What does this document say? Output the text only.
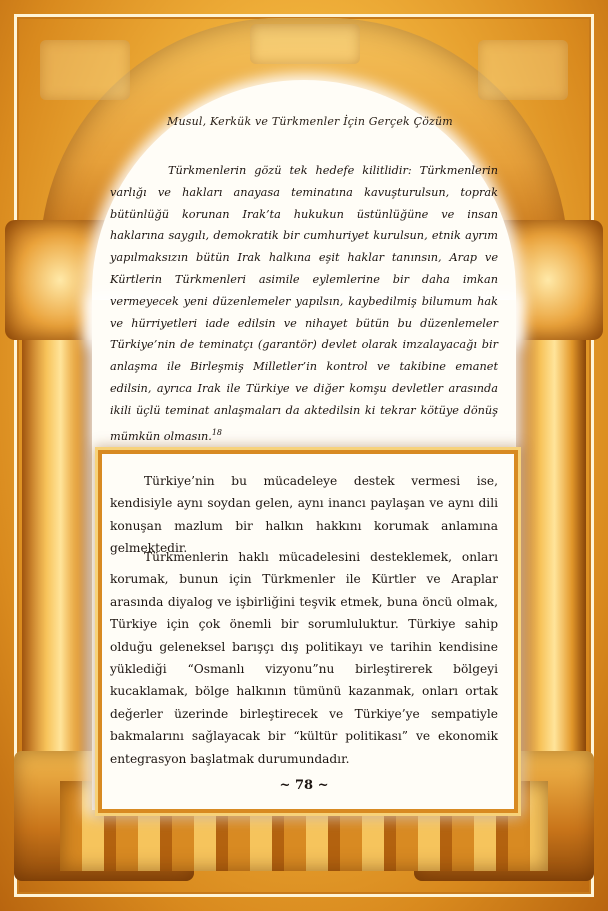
Musul, Kerkük ve Türkmenler İçin Gerçek Çözüm
Türkmenlerin gözü tek hedefe kilitlidir: Türkmenlerin varlığı ve hakları anayasa teminatına kavuşturulsun, toprak bütünlüğü korunan Irak’ta hukukun üstünlüğüne ve insan haklarına saygılı, demokratik bir cumhuriyet kurulsun, etnik ayrım yapılmaksızın bütün Irak halkına eşit haklar tanınsın, Arap ve Kürtlerin Türkmenleri asimile eylemlerine bir daha imkan vermeyecek yeni düzenlemeler yapılsın, kaybedilmiş bilumum hak ve hürriyetleri iade edilsin ve nihayet bütün bu düzenlemeler Türkiye’nin de teminatçı (garantör) devlet olarak imzalayacağı bir anlaşma ile Birleşmiş Milletler’in kontrol ve takibine emanet edilsin, ayrıca Irak ile Türkiye ve diğer komşu devletler arasında ikili üçlü teminat anlaşmaları da aktedilsin ki tekrar kötüye dönüş mümkün olmasın.$^{18}$
Türkiye’nin bu mücadeleye destek vermesi ise, kendisiyle aynı soydan gelen, aynı inancı paylaşan ve aynı dili konuşan mazlum bir halkın hakkını korumak anlamına gelmektedir.
Türkmenlerin haklı mücadelesini desteklemek, onları korumak, bunun için Türkmenler ile Kürtler ve Araplar arasında diyalog ve işbirliğini teşvik etmek, buna öncü olmak, Türkiye için çok önemli bir sorumluluktur. Türkiye sahip olduğu geleneksel barışçı dış politikayı ve tarihin kendisine yüklediği “Osmanlı vizyonu”nu birleştirerek bölgeyi kucaklamak, bölge halkının tümünü kazanmak, onları ortak değerler üzerinde birleştirecek ve Türkiye’ye sempatiyle bakmalarını sağlayacak bir “kültür politikası” ve ekonomik entegrasyon başlatmak durumundadır.
~ 78 ~
